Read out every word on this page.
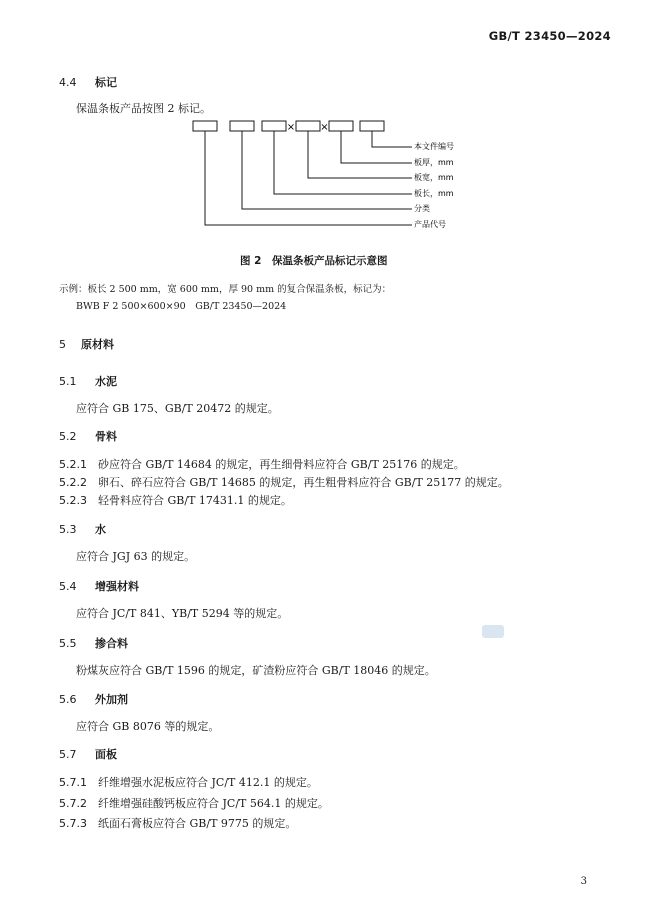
GB/T 23450—2024
4.4 标记
保温条板产品按图 2 标记。
×	×
本文件编号
板厚，mm
板宽，mm
板长，mm
分类
产品代号
图 2　保温条板产品标记示意图
示例：板长 2 500 mm，宽 600 mm，厚 90 mm 的复合保温条板，标记为：
BWB F 2 500×600×90　GB/T 23450—2024
5 原材料
5.1 水泥
应符合 GB 175、GB/T 20472 的规定。
5.2 骨料
5.2.1 砂应符合 GB/T 14684 的规定，再生细骨料应符合 GB/T 25176 的规定。
5.2.2 卵石、碎石应符合 GB/T 14685 的规定，再生粗骨料应符合 GB/T 25177 的规定。
5.2.3 轻骨料应符合 GB/T 17431.1 的规定。
5.3 水
应符合 JGJ 63 的规定。
5.4 增强材料
应符合 JC/T 841、YB/T 5294 等的规定。
5.5 掺合料
粉煤灰应符合 GB/T 1596 的规定，矿渣粉应符合 GB/T 18046 的规定。
5.6 外加剂
应符合 GB 8076 等的规定。
5.7 面板
5.7.1 纤维增强水泥板应符合 JC/T 412.1 的规定。
5.7.2 纤维增强硅酸钙板应符合 JC/T 564.1 的规定。
5.7.3 纸面石膏板应符合 GB/T 9775 的规定。
3
